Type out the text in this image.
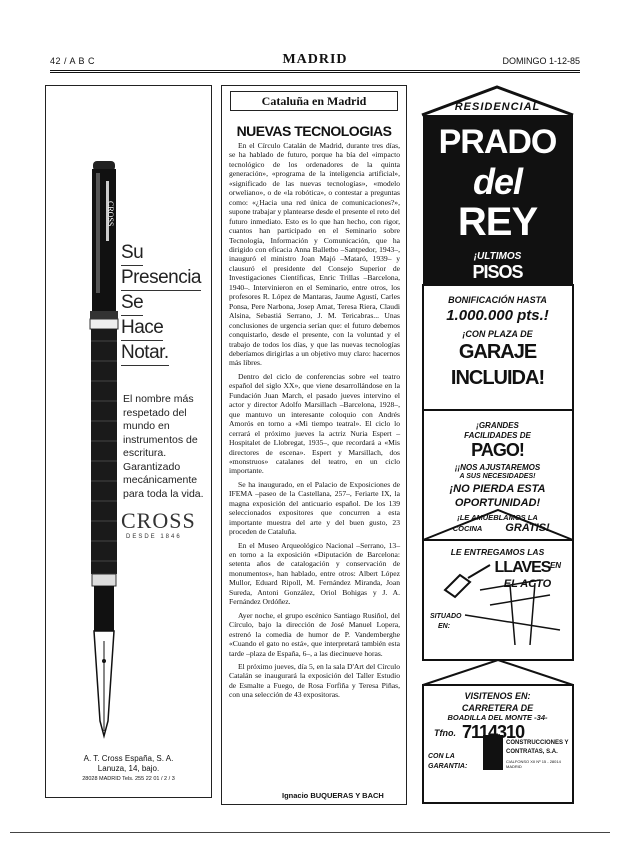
42 / A B C	MADRID	DOMINGO 1-12-85
CROSS
Su
Presencia
Se
Hace
Notar.
El nombre más respetado del mundo en instrumentos de escritura. Garantizado mecánicamente para toda la vida.
CROSS
DESDE 1846
A. T. Cross España, S. A.
Lanuza, 14, bajo.
28028 MADRID Tels. 255 22 01 / 2 / 3
Cataluña en Madrid
NUEVAS TECNOLOGIAS

En el Círculo Catalán de Madrid, durante tres días, se ha hablado de futuro, porque ha bía del «impacto tecnológico de los ordenadores de la quinta generación», «programa de la inteligencia artificial», «significado de las nuevas tecnologías», «modelo orweliano», o de «la robótica», o contestar a preguntas como: «¿Hacia una red única de comunicaciones?», supone trabajar y plantearse desde el presente el reto del futuro inmediato. Esto es lo que han hecho, con rigor, cuantos han participado en el Seminario sobre Tecnología, Información y Comunicación, que ha dirigido con eficacia Anna Balletbo –Santpedor, 1943–, inauguró el ministro Joan Majó –Mataró, 1939– y clausuró el presidente del Consejo Superior de Investigaciones Científicas, Enric Trillas –Barcelona, 1940–. Intervinieron en el Seminario, entre otros, los profesores R. López de Mantaras, Jaume Agustí, Carles Ponsa, Pere Narbona, Josep Amat, Teresa Riera, Claudi Alsina, Sebastiá Serrano, J. M. Tericabras... Unas conclusiones de urgencia serían que: el futuro debemos conquistarlo, desde el presente, con la voluntad y el trabajo de todos los días, y que las nuevas tecnologías deberíamos dirigirlas a un objetivo muy claro: hacernos más libres.

Dentro del ciclo de conferencias sobre «el teatro español del siglo XX», que viene desarrollándose en la Fundación Juan March, el pasado jueves intervino el actor y director Adolfo Marsillach –Barcelona, 1928–, que mantuvo un interesante coloquio con Andrés Amorós en torno a «Mi tiempo teatral». El ciclo lo cerrará el próximo jueves la actriz Nuria Espert –Hospitalet de Llobregat, 1935–, que recordará a «Mis directores de escena». Espert y Marsillach, dos «monstruos» catalanes del teatro, en un ciclo importante.

Se ha inaugurado, en el Palacio de Exposiciones de IFEMA –paseo de la Castellana, 257–, Feriarte IX, la magna exposición del anticuario español. De los 139 seleccionados expositores que concurren a esta importante muestra del arte y del buen gusto, 23 proceden de Cataluña.

En el Museo Arqueológico Nacional –Serrano, 13– en torno a la exposición «Diputación de Barcelona: setenta años de catalogación y conservación de monumentos», han hablado, entre otros: Albert López Mullor, Eduard Ripoll, M. Fernández Miranda, Joan Sureda, Antoni González, Oriol Bohigas y J. A. Fernández Ordóñez.

Ayer noche, el grupo escénico Santiago Rusiñol, del Círculo, bajo la dirección de José Manuel Lopera, estrenó la comedia de humor de P. Vandemberghe «Cuando el gato no está», que interpretará también esta tarde –plaza de España, 6–, a las diecinueve horas.

El próximo jueves, día 5, en la sala D'Art del Círculo Catalán se inaugurará la exposición del Taller Estudio de Esmalte a Fuego, de Rosa Forfiña y Teresa Piñas, con una selección de 43 expositoras.

Ignacio BUQUERAS Y BACH
RESIDENCIAL
PRADO
del
REY
¡ULTIMOS
PISOS
BONIFICACIÓN HASTA
1.000.000 pts.!
¡CON PLAZA DE
GARAJE
INCLUIDA!
¡GRANDES
FACILIDADES DE
PAGO!
¡¡NOS AJUSTAREMOS
A SUS NECESIDADES!
¡NO PIERDA ESTA
OPORTUNIDAD!
¡LE AMUEBLAMOS LA
COCINA	GRATIS!
LE ENTREGAMOS LAS
LLAVES EN
EL ACTO
SITUADO
EN:
VISITENOS EN:
CARRETERA DE
BOADILLA DEL MONTE -34-
Tfno. 7114310
CON LA
GARANTIA:
CONSTRUCCIONES Y
CONTRATAS, S.A.
C/ALFONSO XII Nº 15 - 28014 MADRID
